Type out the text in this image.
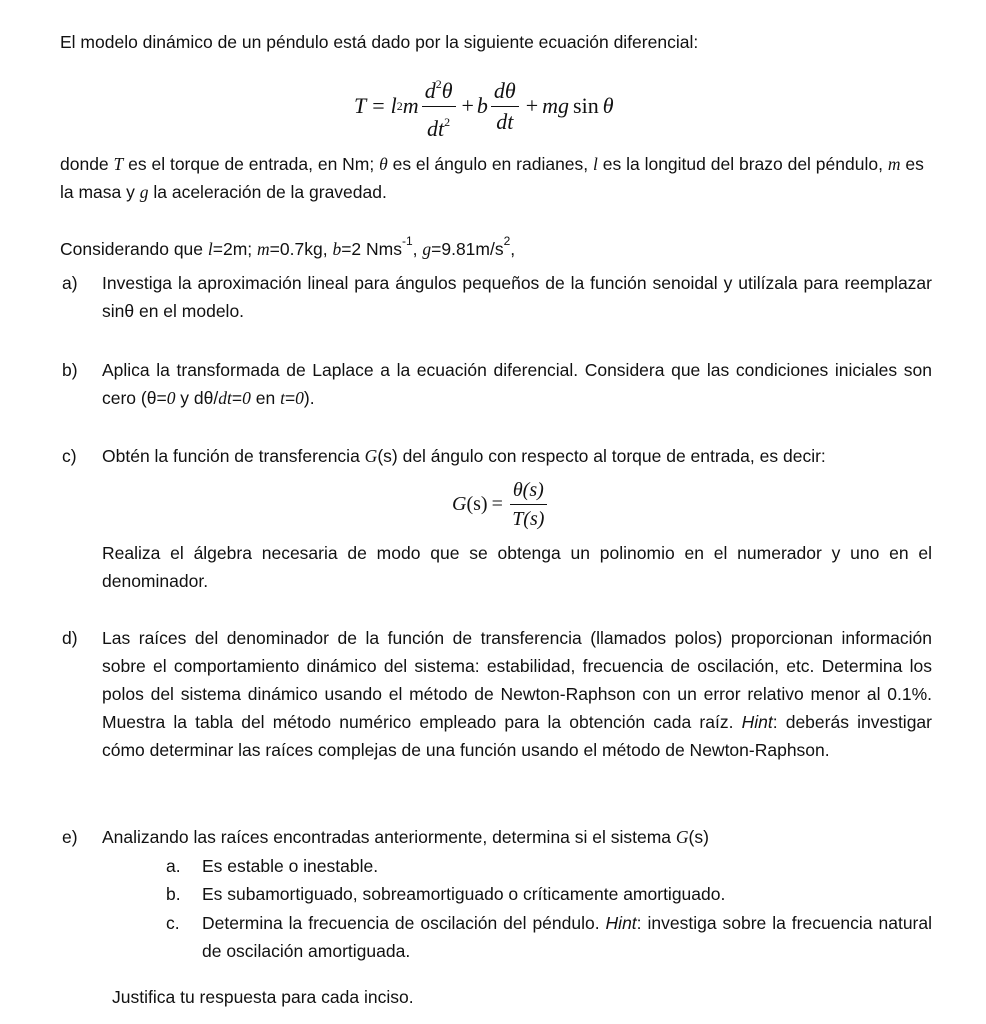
El modelo dinámico de un péndulo está dado por la siguiente ecuación diferencial:

T = l 2 m $\frac{d^2\theta}{dt^2} + b \frac{d\theta}{dt}$ + mg sin θ

donde T es el torque de entrada, en Nm; θ es el ángulo en radianes, l es la longitud del brazo del péndulo, m es la masa y g la aceleración de la gravedad.

Considerando que l=2m; m=0.7kg, b=2 Nms$^{-1}$, $g=9.81m/s^2$,

a) Investiga la aproximación lineal para ángulos pequeños de la función senoidal y utilízala para reemplazar sinθ en el modelo.
b) Aplica la transformada de Laplace a la ecuación diferencial. Considera que las condiciones iniciales son cero (θ=0 y dθ/dt=0 en t=0).
c) Obtén la función de transferencia G(s) del ángulo con respecto al torque de entrada, es decir:
G $(s) = \frac{\theta(s)}{T(s)}$
Realiza el álgebra necesaria de modo que se obtenga un polinomio en el numerador y uno en el denominador.
d) Las raíces del denominador de la función de transferencia (llamados polos) proporcionan información sobre el comportamiento dinámico del sistema: estabilidad, frecuencia de oscilación, etc. Determina los polos del sistema dinámico usando el método de Newton-Raphson con un error relativo menor al 0.1%. Muestra la tabla del método numérico empleado para la obtención cada raíz. Hint: deberás investigar cómo determinar las raíces complejas de una función usando el método de Newton-Raphson.
e) Analizando las raíces encontradas anteriormente, determina si el sistema G(s)
a. Es estable o inestable.
b. Es subamortiguado, sobreamortiguado o críticamente amortiguado.
c. Determina la frecuencia de oscilación del péndulo. Hint: investiga sobre la frecuencia natural de oscilación amortiguada.

Justifica tu respuesta para cada inciso.
